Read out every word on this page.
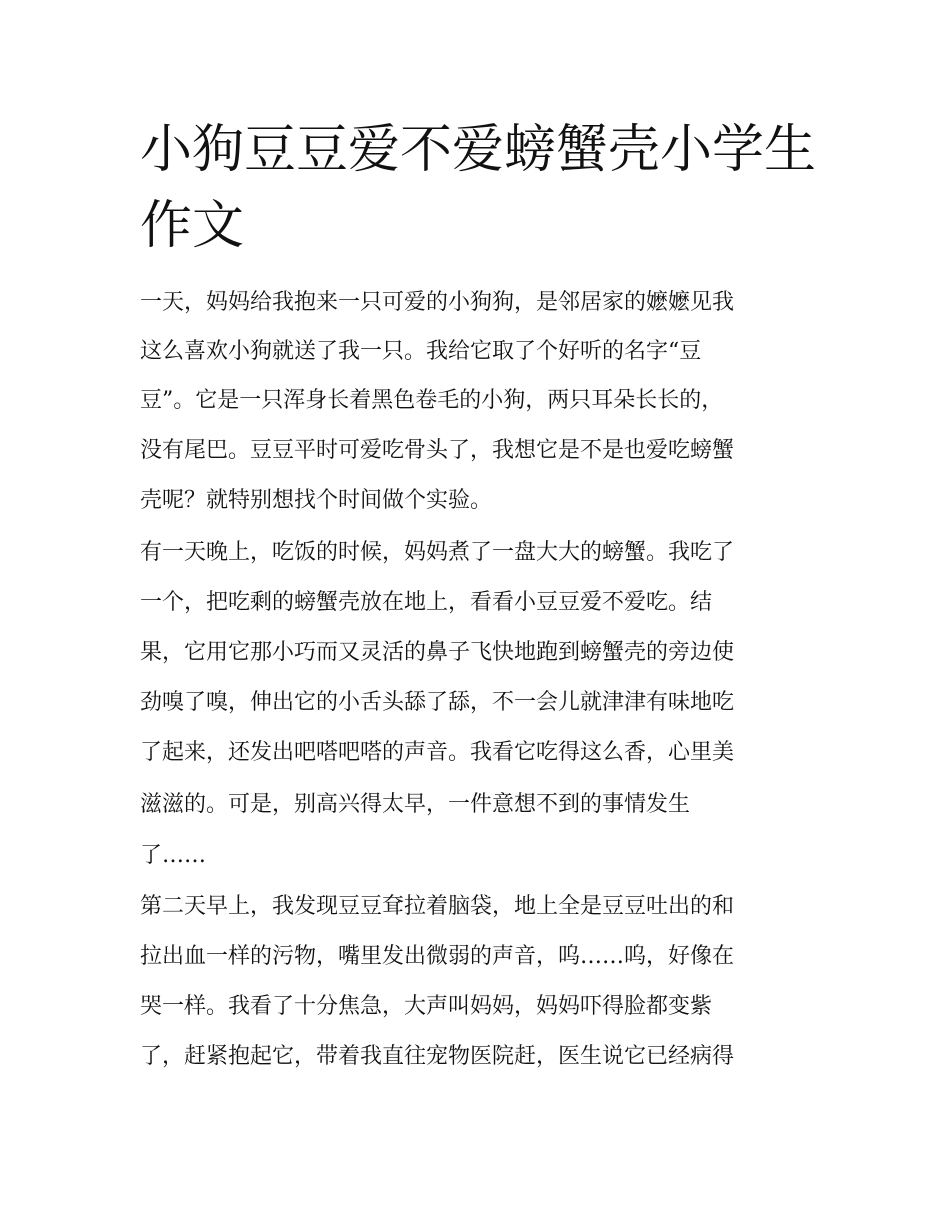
小狗豆豆爱不爱螃蟹壳小学生
作文

一天，妈妈给我抱来一只可爱的小狗狗，是邻居家的嬷嬷见我

这么喜欢小狗就送了我一只。我给它取了个好听的名字“豆

豆”。它是一只浑身长着黑色卷毛的小狗，两只耳朵长长的，

没有尾巴。豆豆平时可爱吃骨头了，我想它是不是也爱吃螃蟹

壳呢？就特别想找个时间做个实验。

有一天晚上，吃饭的时候，妈妈煮了一盘大大的螃蟹。我吃了

一个，把吃剩的螃蟹壳放在地上，看看小豆豆爱不爱吃。结

果，它用它那小巧而又灵活的鼻子飞快地跑到螃蟹壳的旁边使

劲嗅了嗅，伸出它的小舌头舔了舔，不一会儿就津津有味地吃

了起来，还发出吧嗒吧嗒的声音。我看它吃得这么香，心里美

滋滋的。可是，别高兴得太早，一件意想不到的事情发生

了……

第二天早上，我发现豆豆耷拉着脑袋，地上全是豆豆吐出的和

拉出血一样的污物，嘴里发出微弱的声音，呜……呜，好像在

哭一样。我看了十分焦急，大声叫妈妈，妈妈吓得脸都变紫

了，赶紧抱起它，带着我直往宠物医院赶，医生说它已经病得
